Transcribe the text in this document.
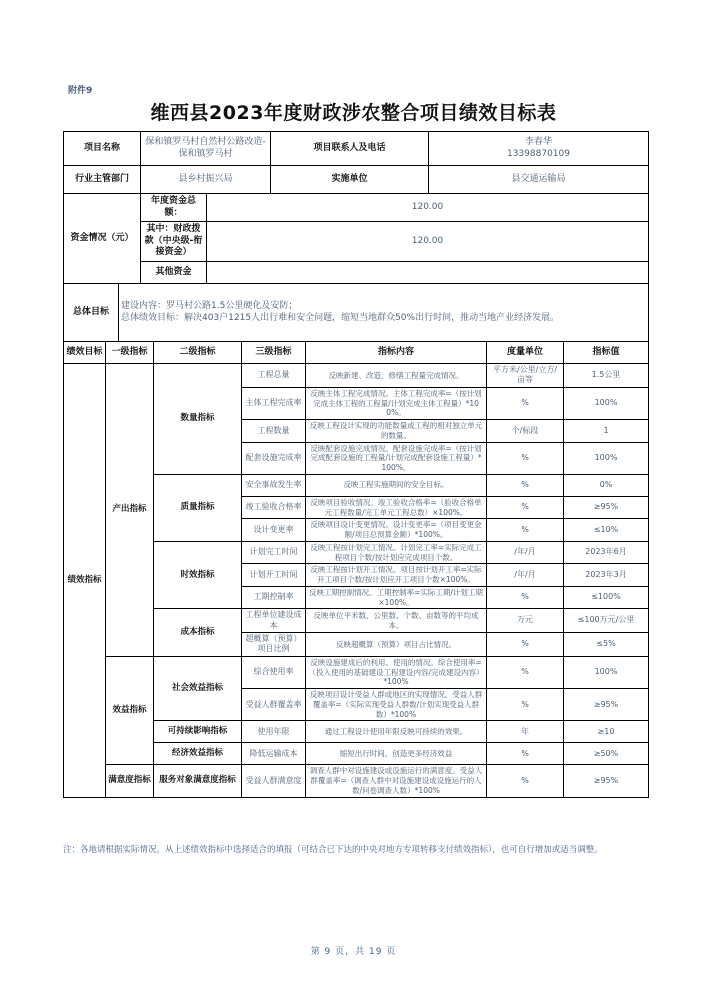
附件9
维西县2023年度财政涉农整合项目绩效目标表
项目名称	保和镇罗马村自然村公路改造-保和镇罗马村	项目联系人及电话	李春华
13398870109

行业主管部门	县乡村振兴局	实施单位	县交通运输局
资金情况（元）	年度资金总额：	120.00
	其中：财政拨款（中央级-衔接资金）	120.00
	其他资金	
总体目标	
建设内容：罗马村公路1.5公里硬化及安防；
总体绩效目标：解决403户1215人出行难和安全问题，缩短当地群众50%出行时间，推动当地产业经济发展。
绩效目标	一级指标	二级指标	三级指标	指标内容	度量单位	指标值
绩效指标	产出指标	数量指标	工程总量	反映新建、改造、修缮工程量完成情况。	平方米/公里/立方/亩等	1.5公里
			主体工程完成率	反映主体工程完成情况。主体工程完成率=（按计划完成主体工程的工程量/计划完成主体工程量）*100%。	%	100%
			工程数量	反映工程设计实现的功能数量或工程的相对独立单元的数量。	个/标段	1
			配套设施完成率	反映配套设施完成情况。配套设施完成率=（按计划完成配套设施的工程量/计划完成配套设施工程量）*100%。	%	100%
		质量指标	安全事故发生率	反映工程实施期间的安全目标。	%	0%
			竣工验收合格率	反映项目验收情况。竣工验收合格率=（验收合格单元工程数量/完工单元工程总数）×100%。	%	≥95%
			设计变更率	反映项目设计变更情况。设计变更率=（项目变更金额/项目总预算金额）*100%。	%	≤10%
		时效指标	计划完工时间	反映工程按计划完工情况。计划完工率=实际完成工程项目个数/按计划应完成项目个数。	/年/月	2023年6月
			计划开工时间	反映工程按计划开工情况。项目按计划开工率=实际开工项目个数/按计划应开工项目个数×100%。	/年/月	2023年3月
			工期控制率	反映工期控制情况。工期控制率=实际工期/计划工期×100%。	%	≤100%
		成本指标	工程单位建设成本	反映单位平米数、公里数、个数、亩数等的平均成本。	万元	≤100万元/公里
			超概算（预算）项目比例	反映超概算（预算）项目占比情况。	%	≤5%
	效益指标	社会效益指标	综合使用率	反映设施建成后的利用、使用的情况。综合使用率=（投入使用的基础建设工程建设内容/完成建设内容）*100%	%	100%
			受益人群覆盖率	反映项目设计受益人群或地区的实现情况。受益人群覆盖率=（实际实现受益人群数/计划实现受益人群数）*100%	%	≥95%
		可持续影响指标	使用年限	通过工程设计使用年限反映可持续的效果。	年	≥10
		经济效益指标	降低运输成本	缩短出行时间，创造更多经济效益	%	≥50%
	满意度指标	服务对象满意度指标	受益人群满意度	调查人群中对设施建设或设施运行的满意度。受益人群覆盖率=（调查人群中对设施建设或设施运行的人数/问卷调查人数）*100%	%	≥95%
注：各地请根据实际情况，从上述绩效指标中选择适合的填报（可结合已下达的中央对地方专项转移支付绩效指标），也可自行增加或适当调整。
第 9 页，共 19 页
